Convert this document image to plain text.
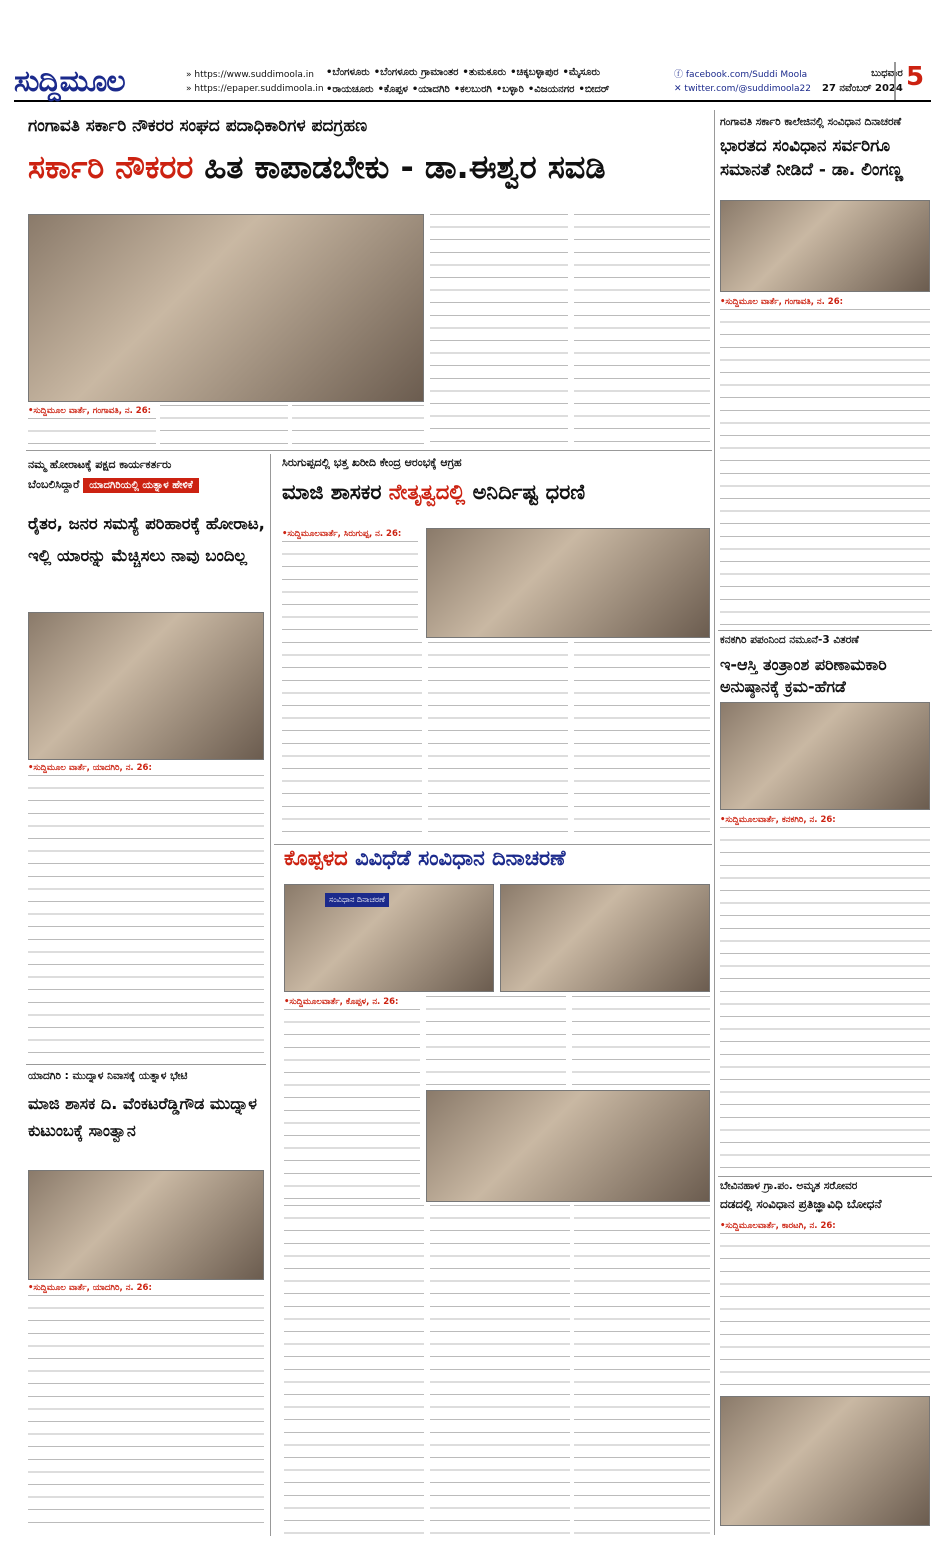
ಸುದ್ದಿಮೂಲ	» https://www.suddimoola.in
» https://epaper.suddimoola.in
•ಬೆಂಗಳೂರು •ಬೆಂಗಳೂರು ಗ್ರಾಮಾಂತರ •ತುಮಕೂರು •ಚಿಕ್ಕಬಳ್ಳಾಪುರ •ಮೈಸೂರು
•ರಾಯಚೂರು •ಕೊಪ್ಪಳ •ಯಾದಗಿರಿ •ಕಲಬುರಗಿ •ಬಳ್ಳಾರಿ •ವಿಜಯನಗರ •ಬೀದರ್
ⓕ facebook.com/Suddi Moola
✕ twitter.com/@suddimoola22
ಬುಧವಾರ
27 ನವೆಂಬರ್ 2024 5
ಗಂಗಾವತಿ ಸರ್ಕಾರಿ ನೌಕರರ ಸಂಘದ ಪದಾಧಿಕಾರಿಗಳ ಪದಗ್ರಹಣ
ಸರ್ಕಾರಿ ನೌಕರರ ಹಿತ ಕಾಪಾಡಬೇಕು - ಡಾ.ಈಶ್ವರ ಸವಡಿ
•ಸುದ್ದಿಮೂಲ ವಾರ್ತೆ, ಗಂಗಾವತಿ, ನ. 26:
ಗಂಗಾವತಿ ಸರ್ಕಾರಿ ಕಾಲೇಜಿನಲ್ಲಿ ಸಂವಿಧಾನ ದಿನಾಚರಣೆ
ಭಾರತದ ಸಂವಿಧಾನ ಸರ್ವರಿಗೂ ಸಮಾನತೆ ನೀಡಿದೆ - ಡಾ. ಲಿಂಗಣ್ಣ
•ಸುದ್ದಿಮೂಲ ವಾರ್ತೆ, ಗಂಗಾವತಿ, ನ. 26:
ಕನಕಗಿರಿ ಪಪಂನಿಂದ ನಮೂನೆ-3 ವಿತರಣೆ
ಇ-ಆಸ್ತಿ ತಂತ್ರಾಂಶ ಪರಿಣಾಮಕಾರಿ ಅನುಷ್ಠಾನಕ್ಕೆ ಕ್ರಮ-ಹೆಗಡೆ
•ಸುದ್ದಿಮೂಲವಾರ್ತೆ, ಕನಕಗಿರಿ, ನ. 26:
ಬೇವಿನಹಾಳ ಗ್ರಾ.ಪಂ. ಅಮೃತ ಸರೋವರ
ದಡದಲ್ಲಿ ಸಂವಿಧಾನ ಪ್ರತಿಜ್ಞಾವಿಧಿ ಬೋಧನೆ
•ಸುದ್ದಿಮೂಲವಾರ್ತೆ, ಕಾರಟಗಿ, ನ. 26:
ನಮ್ಮ ಹೋರಾಟಕ್ಕೆ ಪಕ್ಷದ ಕಾರ್ಯಕರ್ತರು
ಬೆಂಬಲಿಸಿದ್ದಾರೆ ಯಾದಗಿರಿಯಲ್ಲಿ ಯತ್ನಾಳ ಹೇಳಿಕೆ
ರೈತರ, ಜನರ ಸಮಸ್ಯೆ ಪರಿಹಾರಕ್ಕೆ ಹೋರಾಟ, ಇಲ್ಲಿ ಯಾರನ್ನು ಮೆಚ್ಚಿಸಲು ನಾವು ಬಂದಿಲ್ಲ
•ಸುದ್ದಿಮೂಲ ವಾರ್ತೆ, ಯಾದಗಿರಿ, ನ. 26:
ಸಿರುಗುಪ್ಪದಲ್ಲಿ ಭತ್ತ ಖರೀದಿ ಕೇಂದ್ರ ಆರಂಭಕ್ಕೆ ಆಗ್ರಹ
ಮಾಜಿ ಶಾಸಕರ ನೇತೃತ್ವದಲ್ಲಿ ಅನಿರ್ದಿಷ್ಟ ಧರಣಿ
•ಸುದ್ದಿಮೂಲವಾರ್ತೆ, ಸಿರುಗುಪ್ಪ, ನ. 26:
ಕೊಪ್ಪಳದ ವಿವಿಧೆಡೆ ಸಂವಿಧಾನ ದಿನಾಚರಣೆ
ಸಂವಿಧಾನ ದಿನಾಚರಣೆ
•ಸುದ್ದಿಮೂಲವಾರ್ತೆ, ಕೊಪ್ಪಳ, ನ. 26:
ಯಾದಗಿರಿ : ಮುದ್ನಾಳ ನಿವಾಸಕ್ಕೆ ಯತ್ನಾಳ ಭೇಟಿ
ಮಾಜಿ ಶಾಸಕ ದಿ. ವೆಂಕಟರೆಡ್ಡಿಗೌಡ ಮುದ್ನಾಳ ಕುಟುಂಬಕ್ಕೆ ಸಾಂತ್ವಾನ
•ಸುದ್ದಿಮೂಲ ವಾರ್ತೆ, ಯಾದಗಿರಿ, ನ. 26:
